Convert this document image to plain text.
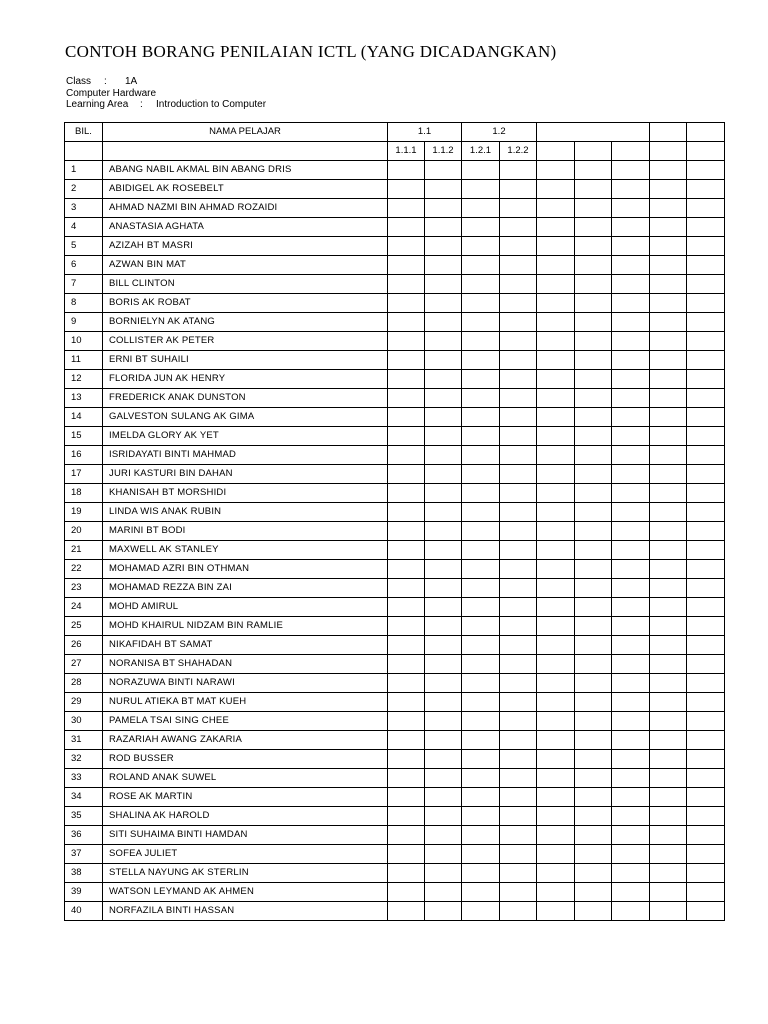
CONTOH BORANG PENILAIAN ICTL (YANG DICADANGKAN)
Class : 1A
Computer Hardware
Learning Area : Introduction to Computer
BIL.	NAMA PELAJAR	1.1		1.2						
		1.1.1	1.1.2	1.2.1	1.2.2					
1	ABANG NABIL AKMAL BIN ABANG DRIS									
2	ABIDIGEL AK ROSEBELT									
3	AHMAD NAZMI BIN AHMAD ROZAIDI									
4	ANASTASIA AGHATA									
5	AZIZAH BT MASRI									
6	AZWAN BIN MAT									
7	BILL CLINTON									
8	BORIS AK ROBAT									
9	BORNIELYN AK ATANG									
10	COLLISTER AK PETER									
11	ERNI BT SUHAILI									
12	FLORIDA JUN AK HENRY									
13	FREDERICK ANAK DUNSTON									
14	GALVESTON SULANG AK GIMA									
15	IMELDA GLORY AK YET									
16	ISRIDAYATI BINTI MAHMAD									
17	JURI KASTURI BIN DAHAN									
18	KHANISAH BT MORSHIDI									
19	LINDA WIS ANAK RUBIN									
20	MARINI BT BODI									
21	MAXWELL AK STANLEY									
22	MOHAMAD AZRI BIN OTHMAN									
23	MOHAMAD REZZA BIN ZAI									
24	MOHD AMIRUL									
25	MOHD KHAIRUL NIDZAM BIN RAMLIE									
26	NIKAFIDAH BT SAMAT									
27	NORANISA BT SHAHADAN									
28	NORAZUWA BINTI NARAWI									
29	NURUL ATIEKA BT MAT KUEH									
30	PAMELA TSAI SING CHEE									
31	RAZARIAH AWANG ZAKARIA									
32	ROD BUSSER									
33	ROLAND ANAK SUWEL									
34	ROSE AK MARTIN									
35	SHALINA AK HAROLD									
36	SITI SUHAIMA BINTI HAMDAN									
37	SOFEA JULIET									
38	STELLA NAYUNG AK STERLIN									
39	WATSON LEYMAND AK AHMEN									
40	NORFAZILA BINTI HASSAN									
